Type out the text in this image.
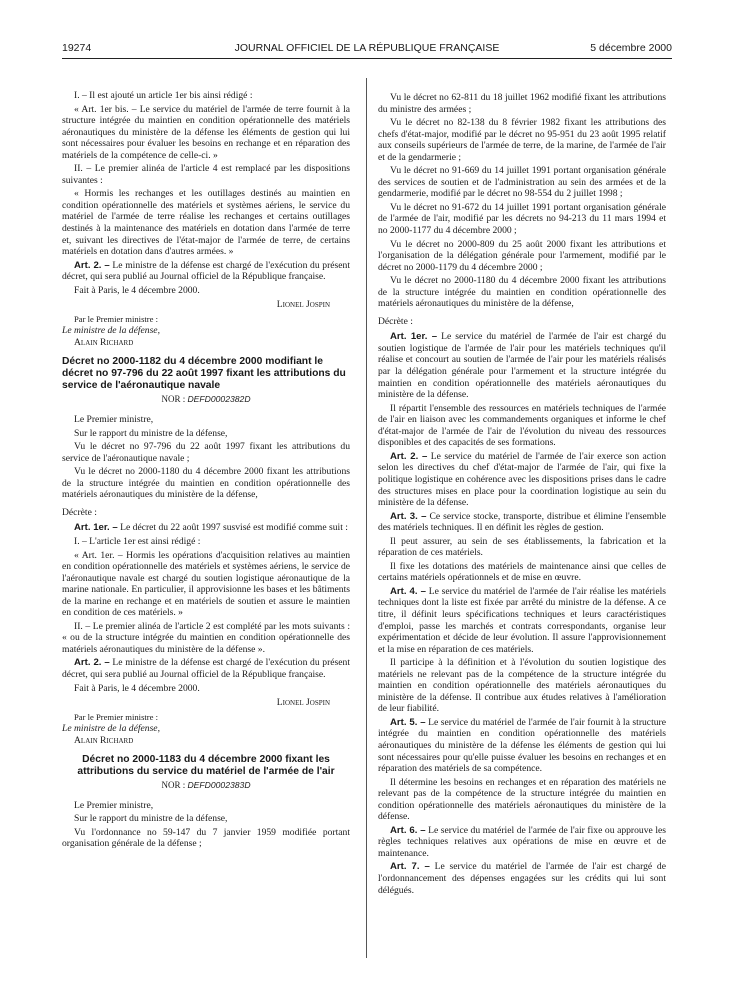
19274	JOURNAL OFFICIEL DE LA RÉPUBLIQUE FRANÇAISE	5 décembre 2000

I. – Il est ajouté un article 1er bis ainsi rédigé :

« Art. 1er bis. – Le service du matériel de l'armée de terre fournit à la structure intégrée du maintien en condition opérationnelle des matériels aéronautiques du ministère de la défense les éléments de gestion qui lui sont nécessaires pour évaluer les besoins en rechange et en réparation des matériels de la compétence de celle-ci. »

II. – Le premier alinéa de l'article 4 est remplacé par les dispositions suivantes :

« Hormis les rechanges et les outillages destinés au maintien en condition opérationnelle des matériels et systèmes aériens, le service du matériel de l'armée de terre réalise les rechanges et certains outillages destinés à la maintenance des matériels en dotation dans l'armée de terre et, suivant les directives de l'état-major de l'armée de terre, de certains matériels en dotation dans d'autres armées. »

Art. 2. – Le ministre de la défense est chargé de l'exécution du présent décret, qui sera publié au Journal officiel de la République française.

Fait à Paris, le 4 décembre 2000.

Lionel Jospin

Par le Premier ministre :

Le ministre de la défense,

Alain Richard

Décret no 2000-1182 du 4 décembre 2000 modifiant le décret no 97-796 du 22 août 1997 fixant les attributions du service de l'aéronautique navale

NOR : DEFD0002382D

Le Premier ministre,

Sur le rapport du ministre de la défense,

Vu le décret no 97-796 du 22 août 1997 fixant les attributions du service de l'aéronautique navale ;

Vu le décret no 2000-1180 du 4 décembre 2000 fixant les attributions de la structure intégrée du maintien en condition opérationnelle des matériels aéronautiques du ministère de la défense,

Décrète :

Art. 1er. – Le décret du 22 août 1997 susvisé est modifié comme suit :

I. – L'article 1er est ainsi rédigé :

« Art. 1er. – Hormis les opérations d'acquisition relatives au maintien en condition opérationnelle des matériels et systèmes aériens, le service de l'aéronautique navale est chargé du soutien logistique aéronautique de la marine nationale. En particulier, il approvisionne les bases et les bâtiments de la marine en rechange et en matériels de soutien et assure le maintien en condition de ces matériels. »

II. – Le premier alinéa de l'article 2 est complété par les mots suivants : « ou de la structure intégrée du maintien en condition opérationnelle des matériels aéronautiques du ministère de la défense ».

Art. 2. – Le ministre de la défense est chargé de l'exécution du présent décret, qui sera publié au Journal officiel de la République française.

Fait à Paris, le 4 décembre 2000.

Lionel Jospin

Par le Premier ministre :

Le ministre de la défense,

Alain Richard

Décret no 2000-1183 du 4 décembre 2000 fixant les attributions du service du matériel de l'armée de l'air

NOR : DEFD0002383D

Le Premier ministre,

Sur le rapport du ministre de la défense,

Vu l'ordonnance no 59-147 du 7 janvier 1959 modifiée portant organisation générale de la défense ;

Vu le décret no 62-811 du 18 juillet 1962 modifié fixant les attributions du ministre des armées ;

Vu le décret no 82-138 du 8 février 1982 fixant les attributions des chefs d'état-major, modifié par le décret no 95-951 du 23 août 1995 relatif aux conseils supérieurs de l'armée de terre, de la marine, de l'armée de l'air et de la gendarmerie ;

Vu le décret no 91-669 du 14 juillet 1991 portant organisation générale des services de soutien et de l'administration au sein des armées et de la gendarmerie, modifié par le décret no 98-554 du 2 juillet 1998 ;

Vu le décret no 91-672 du 14 juillet 1991 portant organisation générale de l'armée de l'air, modifié par les décrets no 94-213 du 11 mars 1994 et no 2000-1177 du 4 décembre 2000 ;

Vu le décret no 2000-809 du 25 août 2000 fixant les attributions et l'organisation de la délégation générale pour l'armement, modifié par le décret no 2000-1179 du 4 décembre 2000 ;

Vu le décret no 2000-1180 du 4 décembre 2000 fixant les attributions de la structure intégrée du maintien en condition opérationnelle des matériels aéronautiques du ministère de la défense,

Décrète :

Art. 1er. – Le service du matériel de l'armée de l'air est chargé du soutien logistique de l'armée de l'air pour les matériels techniques qu'il réalise et concourt au soutien de l'armée de l'air pour les matériels réalisés par la délégation générale pour l'armement et la structure intégrée du maintien en condition opérationnelle des matériels aéronautiques du ministère de la défense.

Il répartit l'ensemble des ressources en matériels techniques de l'armée de l'air en liaison avec les commandements organiques et informe le chef d'état-major de l'armée de l'air de l'évolution du niveau des ressources disponibles et des capacités de ses formations.

Art. 2. – Le service du matériel de l'armée de l'air exerce son action selon les directives du chef d'état-major de l'armée de l'air, qui fixe la politique logistique en cohérence avec les dispositions prises dans le cadre des structures mises en place pour la coordination logistique au sein du ministère de la défense.

Art. 3. – Ce service stocke, transporte, distribue et élimine l'ensemble des matériels techniques. Il en définit les règles de gestion.

Il peut assurer, au sein de ses établissements, la fabrication et la réparation de ces matériels.

Il fixe les dotations des matériels de maintenance ainsi que celles de certains matériels opérationnels et de mise en œuvre.

Art. 4. – Le service du matériel de l'armée de l'air réalise les matériels techniques dont la liste est fixée par arrêté du ministre de la défense. A ce titre, il définit leurs spécifications techniques et leurs caractéristiques d'emploi, passe les marchés et contrats correspondants, organise leur expérimentation et décide de leur évolution. Il assure l'approvisionnement et la mise en réparation de ces matériels.

Il participe à la définition et à l'évolution du soutien logistique des matériels ne relevant pas de la compétence de la structure intégrée du maintien en condition opérationnelle des matériels aéronautiques du ministère de la défense. Il contribue aux études relatives à l'amélioration de leur fiabilité.

Art. 5. – Le service du matériel de l'armée de l'air fournit à la structure intégrée du maintien en condition opérationnelle des matériels aéronautiques du ministère de la défense les éléments de gestion qui lui sont nécessaires pour qu'elle puisse évaluer les besoins en rechanges et en réparation des matériels de sa compétence.

Il détermine les besoins en rechanges et en réparation des matériels ne relevant pas de la compétence de la structure intégrée du maintien en condition opérationnelle des matériels aéronautiques du ministère de la défense.

Art. 6. – Le service du matériel de l'armée de l'air fixe ou approuve les règles techniques relatives aux opérations de mise en œuvre et de maintenance.

Art. 7. – Le service du matériel de l'armée de l'air est chargé de l'ordonnancement des dépenses engagées sur les crédits qui lui sont délégués.
